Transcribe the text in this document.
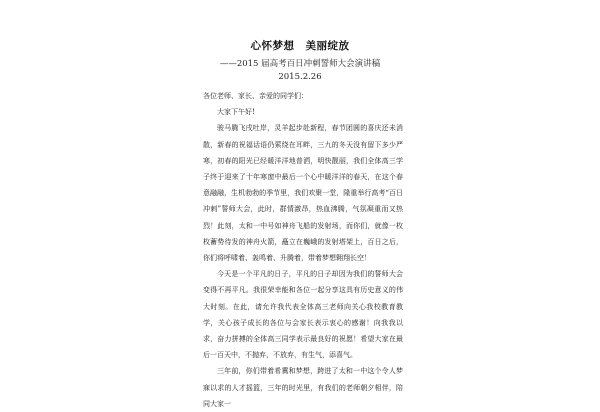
心怀梦想　美丽绽放
——2015 届高考百日冲刺誓师大会演讲稿
2015.2.26

各位老师、家长、亲爱的同学们：

大家下午好!

骏马腾飞戌吐岸，灵羊起步赴新程，春节团圆的喜庆还未消散，新春的祝福话语仍萦绕在耳畔，三九的冬天没有留下多少严寒，初春的阳光已经暖洋洋地普洒，明快靓丽，我们全体高三学子终于迎来了十年寒窗中最后一个心中暖洋洋的春天，在这个春意融融，生机勃勃的季节里，我们欢聚一堂，隆重举行高考“百日冲刺”誓师大会，此时，群情激昂，热血沸腾，气氛凝重而又热烈！此刻，太和一中号如神舟飞船的发射场，而你们，就像一枚枚蓄势待发的神舟火箭，矗立在巍峨的发射塔架上，百日之后，你们将呼啸着、轰鸣着、升腾着，带着梦想翱翔长空！

今天是一个平凡的日子，平凡的日子却因为我们的誓师大会变得不再平凡。我很荣幸能和各位一起分享这具有历史意义的伟大时刻。在此，请允许我代表全体高三老师向关心我校教育教学，关心孩子成长的各位与会家长表示衷心的感谢！向我我以求，奋力拼搏的全体高三同学表示最良好的祝愿！希望大家在最后一百天中，不抛弃，不放弃，有生气，添喜气。

三年前，你们带着希冀和梦想，跨进了太和一中这个令人梦寐以求的人才摇篮，三年的时光里，有我们的老师朝夕相伴，陪同大家一
